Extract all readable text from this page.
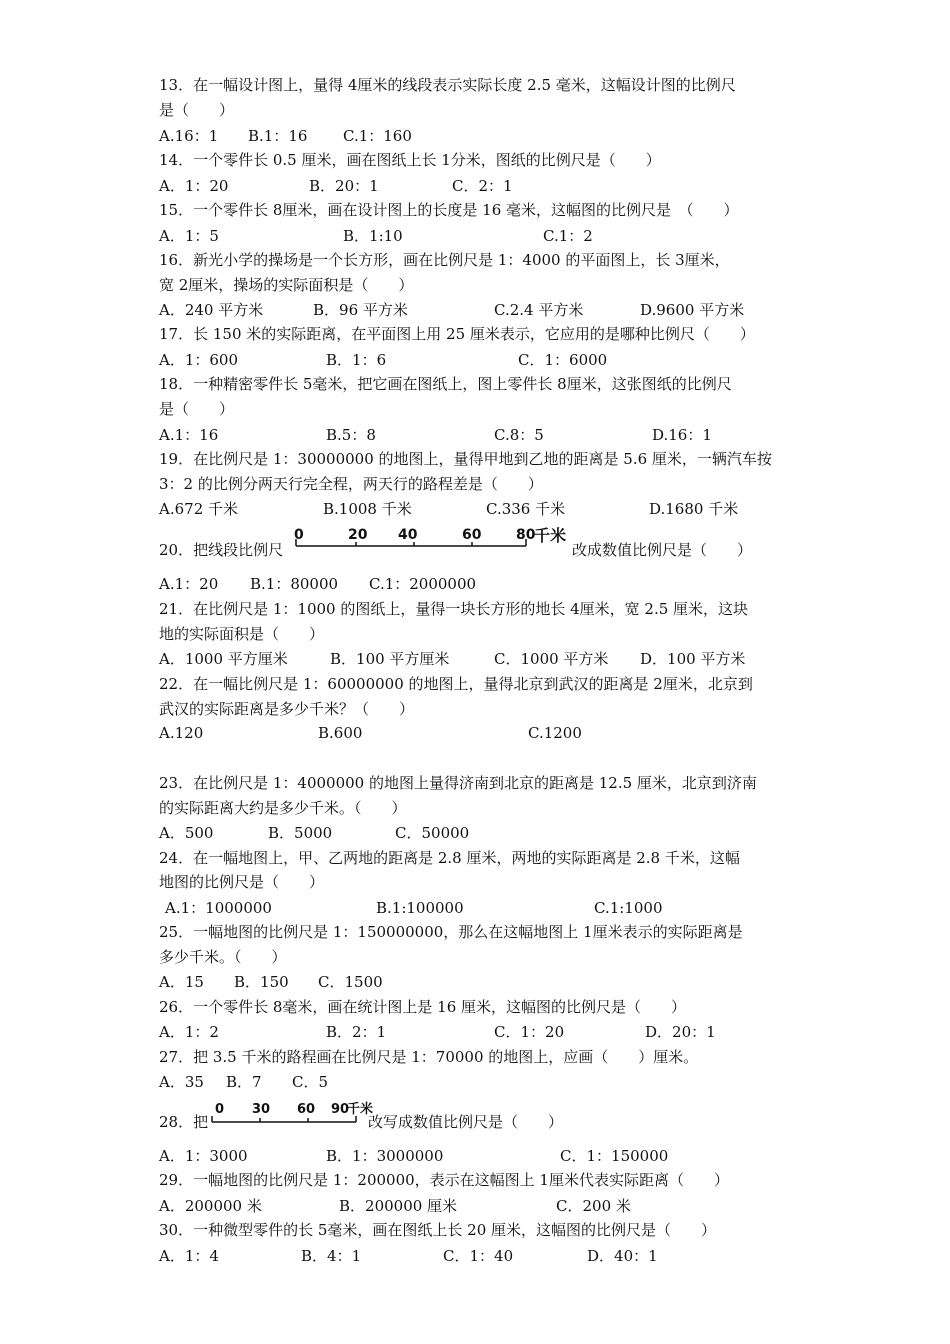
13．在一幅设计图上，量得 4厘米的线段表示实际长度 2.5 毫米，这幅设计图的比例尺
是（　　）
A.16：1 B.1：16 C.1：160
14．一个零件长 0.5 厘米，画在图纸上长 1分米，图纸的比例尺是（　　）
A．1：20	B．20：1	C．2：1
15．一个零件长 8厘米，画在设计图上的长度是 16 毫米，这幅图的比例尺是　（　　）
A．1：5	B．1:10	C.1：2
16．新光小学的操场是一个长方形，画在比例尺是 1：4000 的平面图上，长 3厘米，
宽 2厘米，操场的实际面积是（　　）
A．240 平方米	B．96 平方米	C.2.4 平方米	D.9600 平方米
17．长 150 米的实际距离，在平面图上用 25 厘米表示，它应用的是哪种比例尺（　　）
A．1：600	B．1：6	C．1：6000
18．一种精密零件长 5毫米，把它画在图纸上，图上零件长 8厘米，这张图纸的比例尺
是（　　）
A.1：16	B.5：8	C.8：5	D.16：1
19．在比例尺是 1：30000000 的地图上，量得甲地到乙地的距离是 5.6 厘米，一辆汽车按
3：2 的比例分两天行完全程，两天行的路程差是（　　）
A.672 千米	B.1008 千米	C.336 千米	D.1680 千米
20．把线段比例尺
0	20 40	60 80
千米
改成数值比例尺是（　　）
A.1：20 B.1：80000 C.1：2000000
21．在比例尺是 1：1000 的图纸上，量得一块长方形的地长 4厘米，宽 2.5 厘米，这块
地的实际面积是（　　）
A．1000 平方厘米	B．100 平方厘米	C．1000 平方米 D．100 平方米
22．在一幅比例尺是 1：60000000 的地图上，量得北京到武汉的距离是 2厘米，北京到
武汉的实际距离是多少千米？（　　）
A.120	B.600	C.1200
23．在比例尺是 1：4000000 的地图上量得济南到北京的距离是 12.5 厘米，北京到济南
的实际距离大约是多少千米。（　　）
A．500	B．5000	C．50000
24．在一幅地图上，甲、乙两地的距离是 2.8 厘米，两地的实际距离是 2.8 千米，这幅
地图的比例尺是（　　）
A.1：1000000	B.1:100000	C.1:1000
25．一幅地图的比例尺是 1：150000000，那么在这幅地图上 1厘米表示的实际距离是
多少千米。（　　）
A．15 B．150 C．1500
26．一个零件长 8毫米，画在统计图上是 16 厘米，这幅图的比例尺是（　　）
A．1：2	B．2：1	C．1：20	D．20：1
27．把 3.5 千米的路程画在比例尺是 1：70000 的地图上，应画（　　）厘米。
A．35 B．7 C．5
28．把
0 30 60 90
千米
改写成数值比例尺是（　　）
A．1：3000	B．1：3000000	C．1：150000
29．一幅地图的比例尺是 1：200000，表示在这幅图上 1厘米代表实际距离（　　）
A．200000 米	B．200000 厘米	C．200 米
30．一种微型零件的长 5毫米，画在图纸上长 20 厘米，这幅图的比例尺是（　　）
A．1：4	B．4：1	C．1：40	D．40：1
